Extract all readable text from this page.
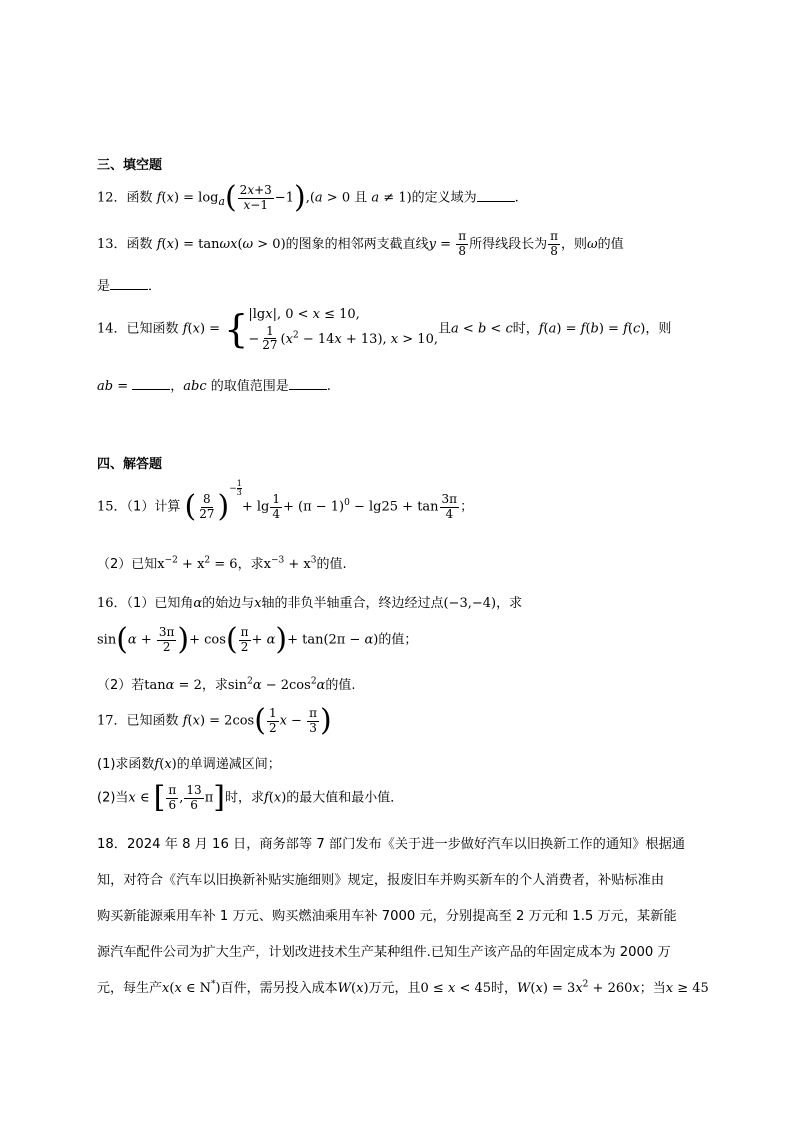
三、填空题
12．函数 $f(x) = \log_a( \frac{2x+3}{x-1} -1),(a > 0$ 且 a ≠ 1)的定义域为	.
13．函数 f(x) = tanωx(ω > 0)的图象的相邻两支截直线$y = \frac{\pi}{8}$ 所得线段长为 $\frac{\pi}{8}$ ，则ω的值
是	．
14．已知函数 f(x) = { |lgx|, 0 < x ≤ 10,
− $\frac{1}{27} (x^2 - 14x + 13)$, x > 10,
且a < b < c时，f(a) = f(b) = f(c)，则
ab =	，abc 的取值范围是	.
四、解答题
15．（1）计算 ( $\frac{8}{27} )^{- \frac{1}{3}}$
+ $\lg \frac{1}{4} + (\pi - 1)^0 - \lg 25 + \tan \frac{3\pi}{4}$ ；
（2）已知$x^{-2} + x^2 = 6$，求$x^{-3} + x^3$的值.
16．（1）已知角α的始边与x轴的非负半轴重合，终边经过点(−3,−4)，求
$\sin(\alpha + \frac{3\pi}{2}$ )+ $\cos( \frac{\pi}{2} + \alpha)+ \tan(2\pi - \alpha)$的值；
（2）若tanα = 2，求$\sin^2\alpha - 2\cos^2\alpha$的值.
17．已知函数 $f(x) = 2\cos( \frac{1}{2}$ $x - \frac{\pi}{3}$ )
(1)求函数f(x)的单调递减区间；
(2)当x ∈ [ $\frac{\pi}{6}$ , $\frac{13}{6} \pi$]时，求f(x)的最大值和最小值．
18．2024 年 8 月 16 日，商务部等 7 部门发布《关于进一步做好汽车以旧换新工作的通知》根据通
知，对符合《汽车以旧换新补贴实施细则》规定，报废旧车并购买新车的个人消费者，补贴标准由
购买新能源乘用车补 1 万元、购买燃油乘用车补 7000 元，分别提高至 2 万元和 1.5 万元，某新能
源汽车配件公司为扩大生产，计划改进技术生产某种组件.已知生产该产品的年固定成本为 2000 万
元，每生产x(x ∈ N*)百件，需另投入成本W(x)万元，且0 ≤ x < 45时，$W(x) = 3x^2 + 260x$；当x ≥ 45
